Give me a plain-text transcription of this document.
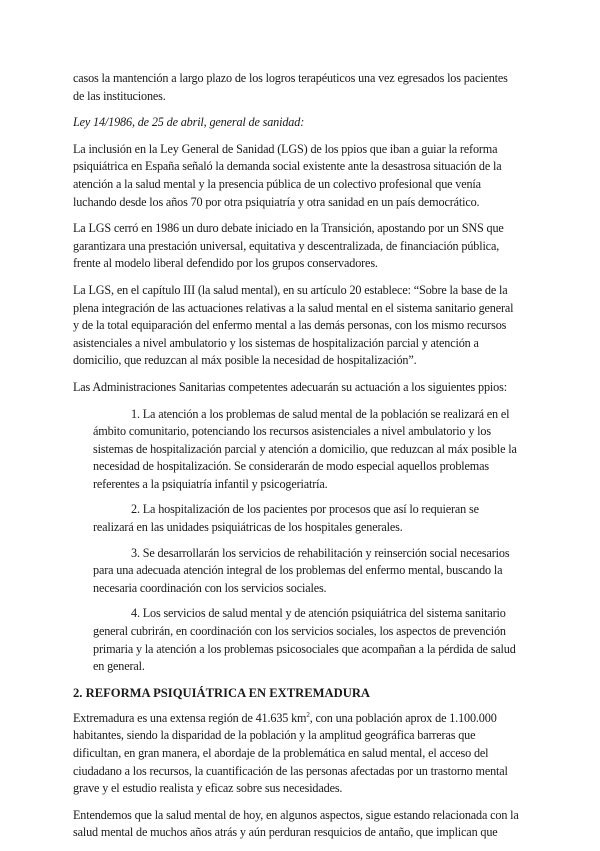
casos la mantención a largo plazo de los logros terapéuticos una vez egresados los pacientes de las instituciones.

Ley 14/1986, de 25 de abril, general de sanidad:

La inclusión en la Ley General de Sanidad (LGS) de los ppios que iban a guiar la reforma psiquiátrica en España señaló la demanda social existente ante la desastrosa situación de la atención a la salud mental y la presencia pública de un colectivo profesional que venía luchando desde los años 70 por otra psiquiatría y otra sanidad en un país democrático.

La LGS cerró en 1986 un duro debate iniciado en la Transición, apostando por un SNS que garantizara una prestación universal, equitativa y descentralizada, de financiación pública, frente al modelo liberal defendido por los grupos conservadores.

La LGS, en el capítulo III (la salud mental), en su artículo 20 establece: “Sobre la base de la plena integración de las actuaciones relativas a la salud mental en el sistema sanitario general y de la total equiparación del enfermo mental a las demás personas, con los mismo recursos asistenciales a nivel ambulatorio y los sistemas de hospitalización parcial y atención a domicilio, que reduzcan al máx posible la necesidad de hospitalización”.

Las Administraciones Sanitarias competentes adecuarán su actuación a los siguientes ppios:

1. La atención a los problemas de salud mental de la población se realizará en el ámbito comunitario, potenciando los recursos asistenciales a nivel ambulatorio y los sistemas de hospitalización parcial y atención a domicilio, que reduzcan al máx posible la necesidad de hospitalización. Se considerarán de modo especial aquellos problemas referentes a la psiquiatría infantil y psicogeriatría.

2. La hospitalización de los pacientes por procesos que así lo requieran se realizará en las unidades psiquiátricas de los hospitales generales.

3. Se desarrollarán los servicios de rehabilitación y reinserción social necesarios para una adecuada atención integral de los problemas del enfermo mental, buscando la necesaria coordinación con los servicios sociales.

4. Los servicios de salud mental y de atención psiquiátrica del sistema sanitario general cubrirán, en coordinación con los servicios sociales, los aspectos de prevención primaria y la atención a los problemas psicosociales que acompañan a la pérdida de salud en general.

2. REFORMA PSIQUIÁTRICA EN EXTREMADURA

Extremadura es una extensa región de 41.635 $km^2$, con una población aprox de 1.100.000 habitantes, siendo la disparidad de la población y la amplitud geográfica barreras que dificultan, en gran manera, el abordaje de la problemática en salud mental, el acceso del ciudadano a los recursos, la cuantificación de las personas afectadas por un trastorno mental grave y el estudio realista y eficaz sobre sus necesidades.

Entendemos que la salud mental de hoy, en algunos aspectos, sigue estando relacionada con la salud mental de muchos años atrás y aún perduran resquicios de antaño, que implican que
